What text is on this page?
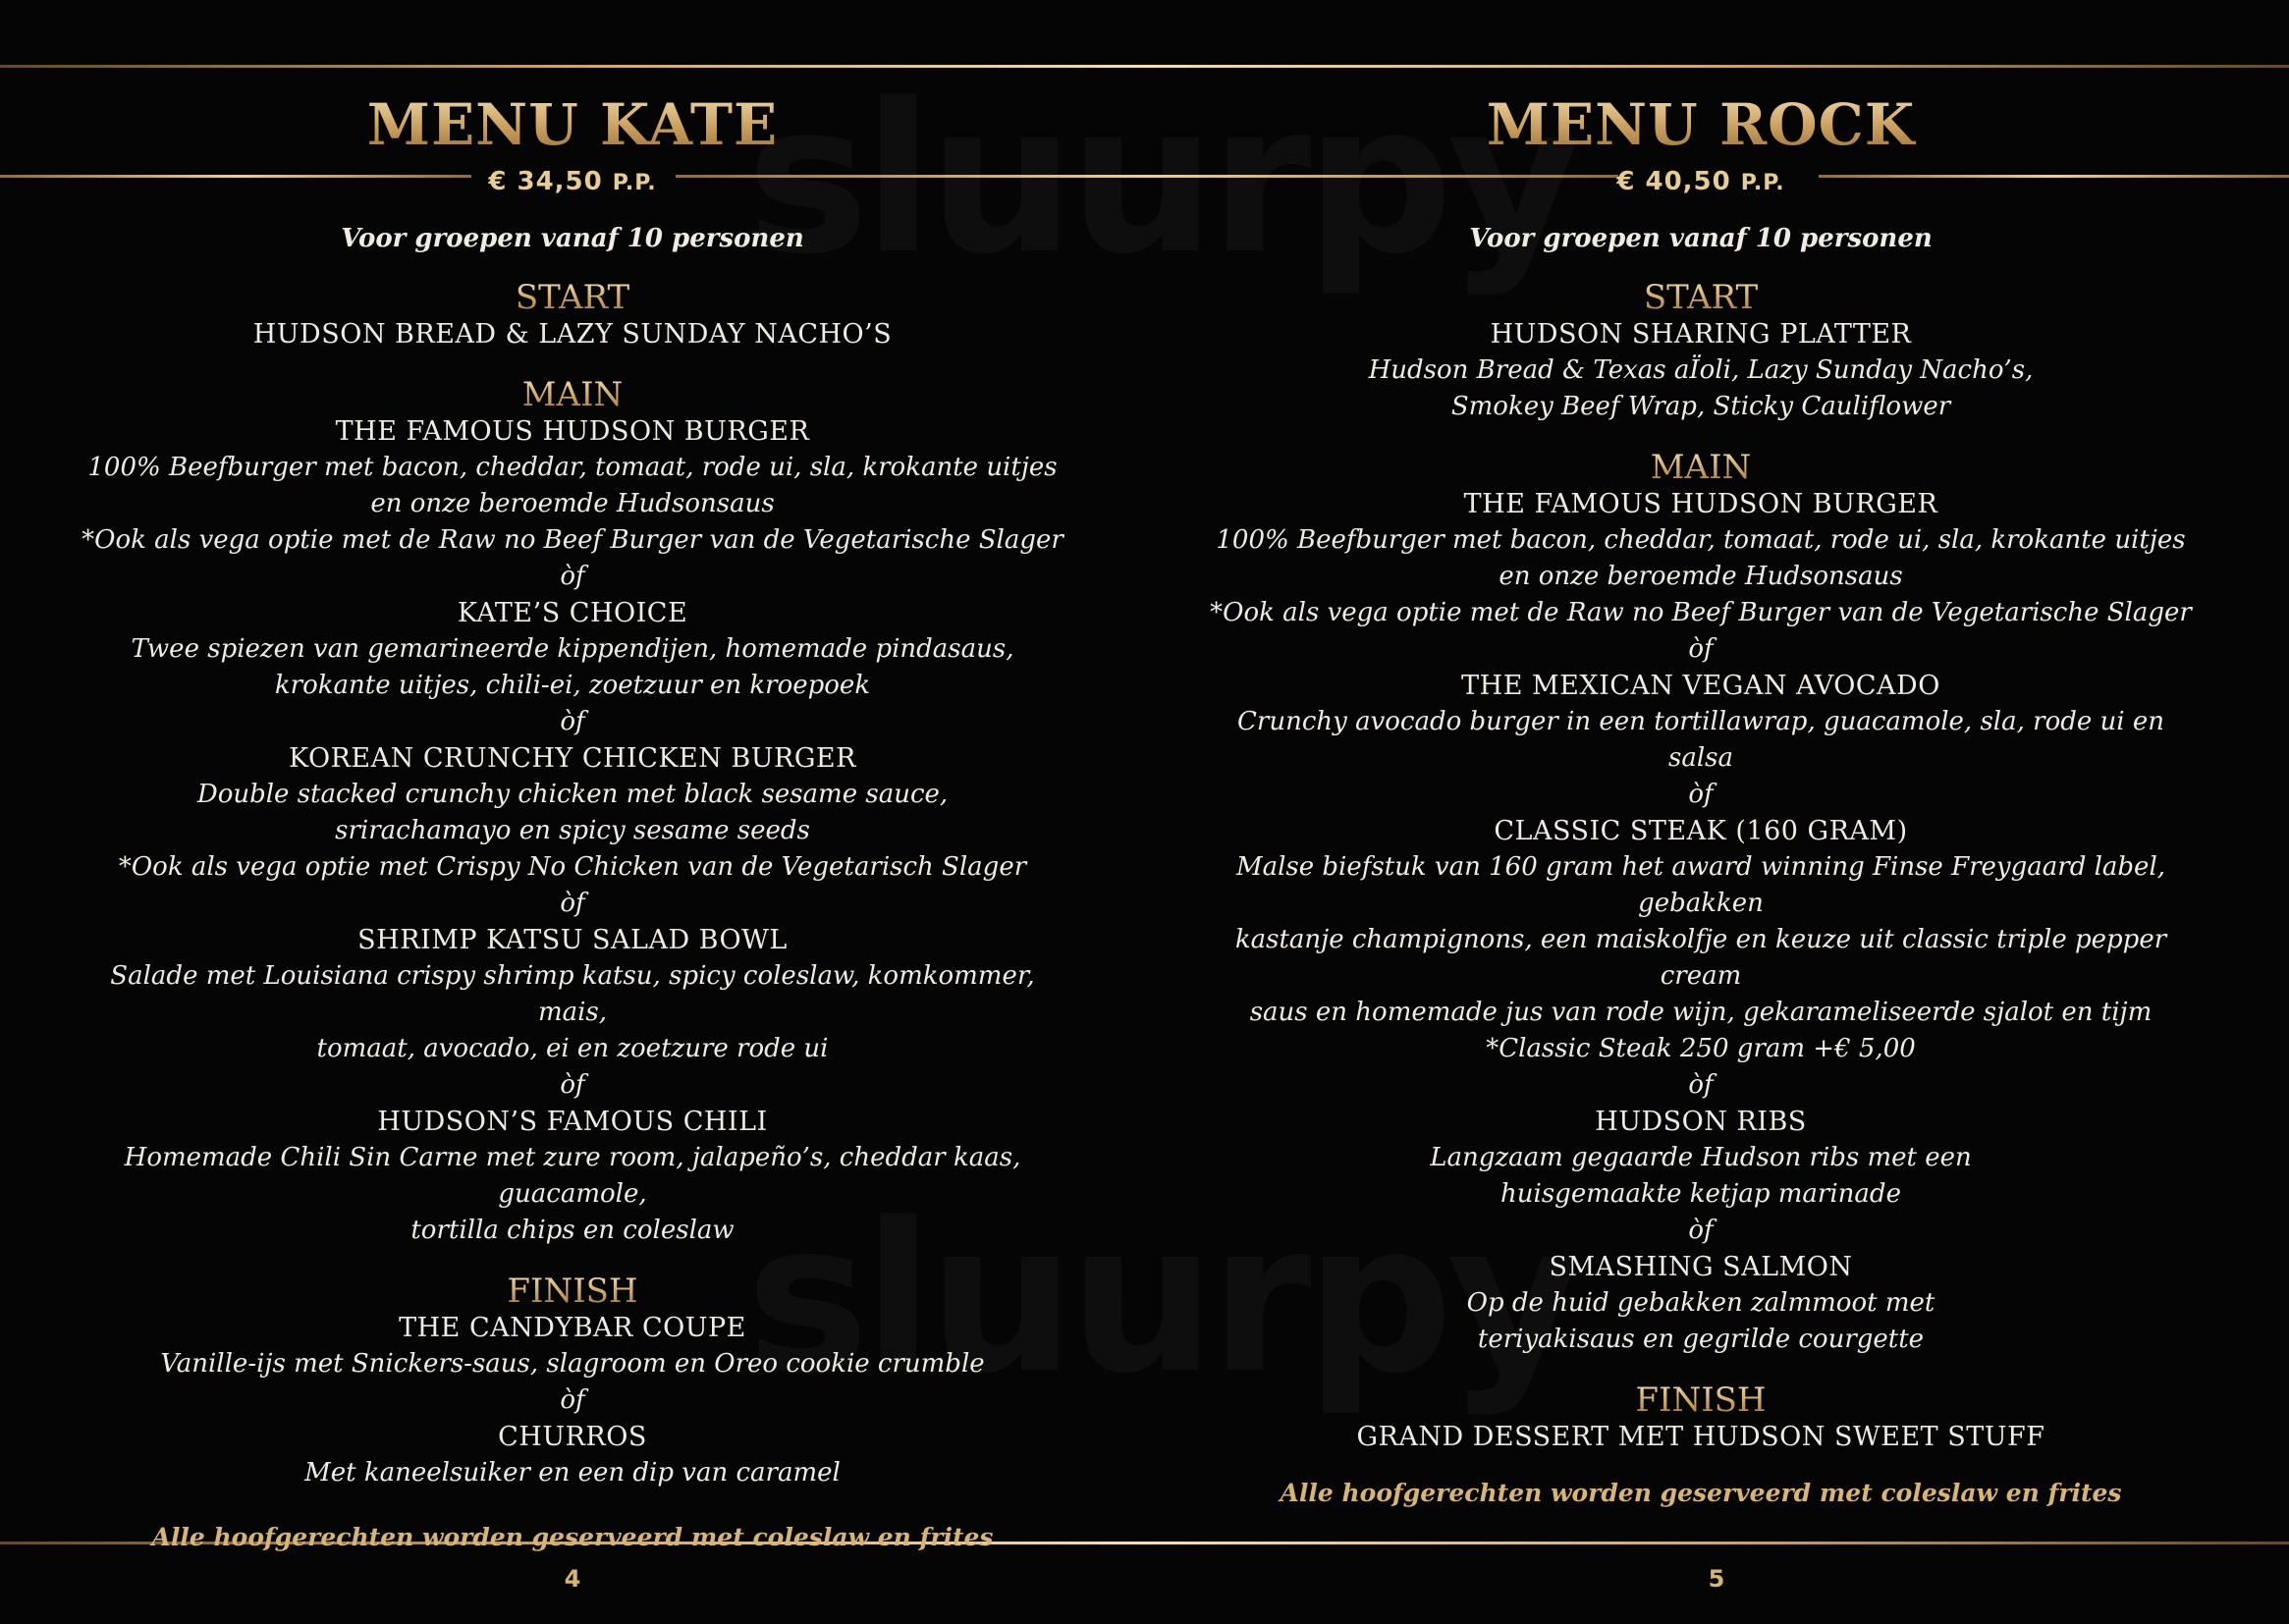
MENU KATE
€ 34,50 P.P.
Voor groepen vanaf 10 personen
START
HUDSON BREAD & LAZY SUNDAY NACHO’S
MAIN
THE FAMOUS HUDSON BURGER
100% Beefburger met bacon, cheddar, tomaat, rode ui, sla, krokante uitjes
en onze beroemde Hudsonsaus
*Ook als vega optie met de Raw no Beef Burger van de Vegetarische Slager
òf
KATE’S CHOICE
Twee spiezen van gemarineerde kippendijen, homemade pindasaus,
krokante uitjes, chili-ei, zoetzuur en kroepoek
òf
KOREAN CRUNCHY CHICKEN BURGER
Double stacked crunchy chicken met black sesame sauce,
srirachamayo en spicy sesame seeds
*Ook als vega optie met Crispy No Chicken van de Vegetarisch Slager
òf
SHRIMP KATSU SALAD BOWL
Salade met Louisiana crispy shrimp katsu, spicy coleslaw, komkommer, mais,
tomaat, avocado, ei en zoetzure rode ui
òf
HUDSON’S FAMOUS CHILI
Homemade Chili Sin Carne met zure room, jalapeño’s, cheddar kaas, guacamole,
tortilla chips en coleslaw
FINISH
THE CANDYBAR COUPE
Vanille-ijs met Snickers-saus, slagroom en Oreo cookie crumble
òf
CHURROS
Met kaneelsuiker en een dip van caramel
Alle hoofgerechten worden geserveerd met coleslaw en frites
MENU ROCK
€ 40,50 P.P.
Voor groepen vanaf 10 personen
START
HUDSON SHARING PLATTER
Hudson Bread & Texas aÏoli, Lazy Sunday Nacho’s,
Smokey Beef Wrap, Sticky Cauliflower
MAIN
THE FAMOUS HUDSON BURGER
100% Beefburger met bacon, cheddar, tomaat, rode ui, sla, krokante uitjes
en onze beroemde Hudsonsaus
*Ook als vega optie met de Raw no Beef Burger van de Vegetarische Slager
òf
THE MEXICAN VEGAN AVOCADO
Crunchy avocado burger in een tortillawrap, guacamole, sla, rode ui en salsa
òf
CLASSIC STEAK (160 GRAM)
Malse biefstuk van 160 gram het award winning Finse Freygaard label, gebakken
kastanje champignons, een maiskolfje en keuze uit classic triple pepper cream
saus en homemade jus van rode wijn, gekarameliseerde sjalot en tijm
*Classic Steak 250 gram +€ 5,00
òf
HUDSON RIBS
Langzaam gegaarde Hudson ribs met een
huisgemaakte ketjap marinade
òf
SMASHING SALMON
Op de huid gebakken zalmmoot met
teriyakisaus en gegrilde courgette
FINISH
GRAND DESSERT MET HUDSON SWEET STUFF
Alle hoofgerechten worden geserveerd met coleslaw en frites
4	5
